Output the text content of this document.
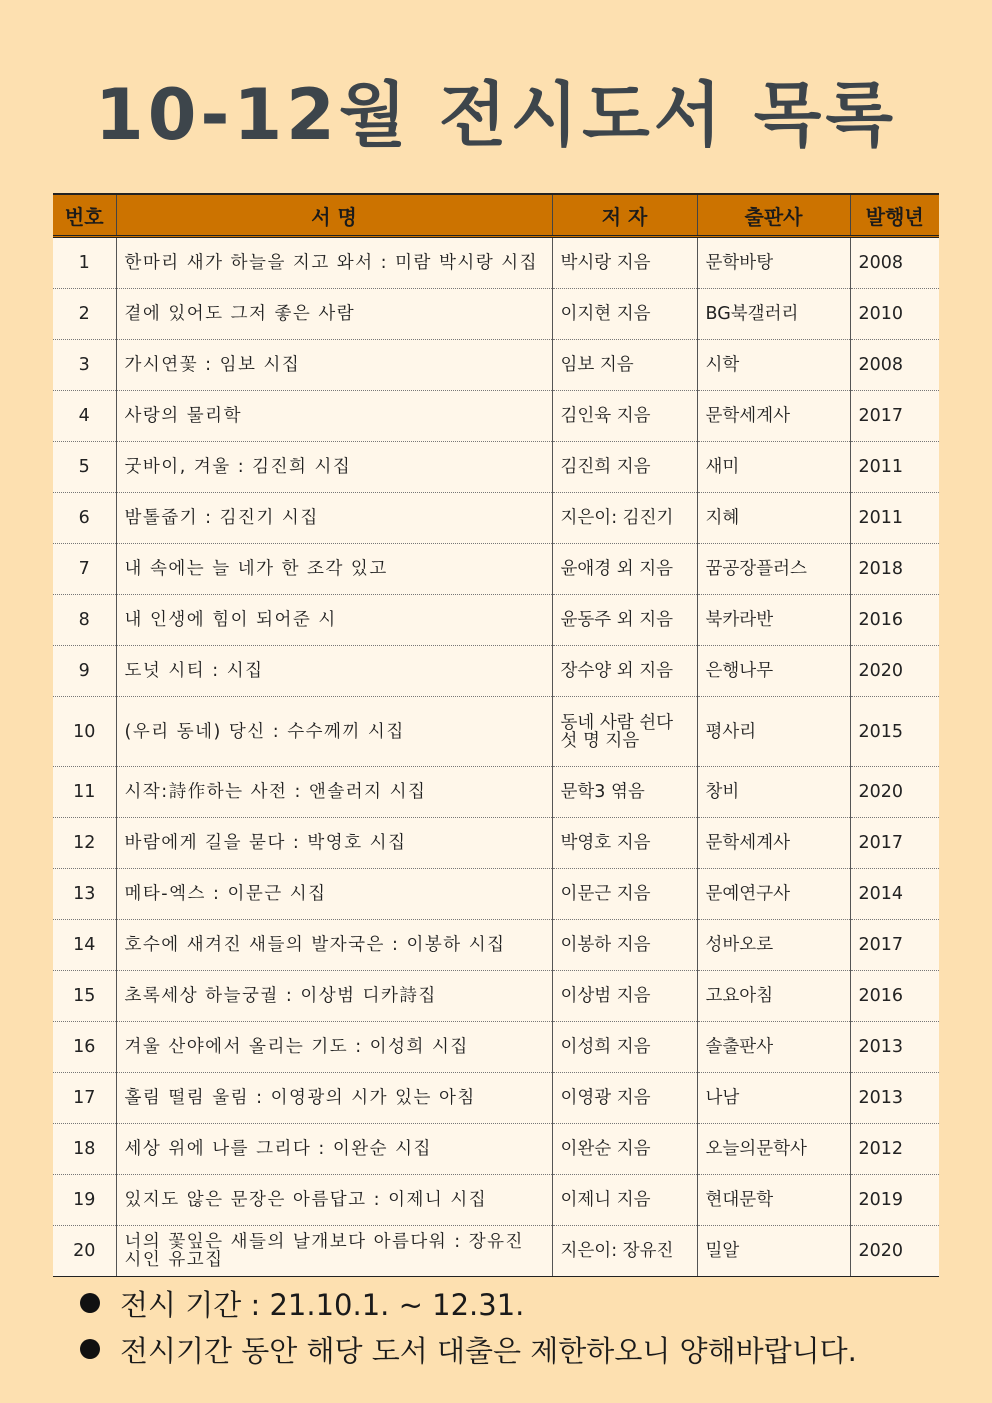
10-12월 전시도서 목록
번호	서 명	저 자	출판사	발행년
1	한마리 새가 하늘을 지고 와서 : 미람 박시랑 시집	박시랑 지음	문학바탕	2008
2	곁에 있어도 그저 좋은 사람	이지현 지음	BG북갤러리	2010
3	가시연꽃 : 임보 시집	임보 지음	시학	2008
4	사랑의 물리학	김인육 지음	문학세계사	2017
5	굿바이, 겨울 : 김진희 시집	김진희 지음	새미	2011
6	밤톨줍기 : 김진기 시집	지은이: 김진기	지혜	2011
7	내 속에는 늘 네가 한 조각 있고	윤애경 외 지음	꿈공장플러스	2018
8	내 인생에 힘이 되어준 시	윤동주 외 지음	북카라반	2016
9	도넛 시티 : 시집	장수양 외 지음	은행나무	2020
10	(우리 동네) 당신 : 수수께끼 시집	동네 사람 쉰다섯 명 지음	평사리	2015
11	시작:詩作하는 사전 : 앤솔러지 시집	문학3 엮음	창비	2020
12	바람에게 길을 묻다 : 박영호 시집	박영호 지음	문학세계사	2017
13	메타-엑스 : 이문근 시집	이문근 지음	문예연구사	2014
14	호수에 새겨진 새들의 발자국은 : 이봉하 시집	이봉하 지음	성바오로	2017
15	초록세상 하늘궁궐 : 이상범 디카詩집	이상범 지음	고요아침	2016
16	겨울 산야에서 올리는 기도 : 이성희 시집	이성희 지음	솔출판사	2013
17	홀림 떨림 울림 : 이영광의 시가 있는 아침	이영광 지음	나남	2013
18	세상 위에 나를 그리다 : 이완순 시집	이완순 지음	오늘의문학사	2012
19	있지도 않은 문장은 아름답고 : 이제니 시집	이제니 지음	현대문학	2019
20	너의 꽃잎은 새들의 날개보다 아름다워 : 장유진 시인 유고집	지은이: 장유진	밀알	2020
전시 기간 : 21.10.1. ~ 12.31.
전시기간 동안 해당 도서 대출은 제한하오니 양해바랍니다.
